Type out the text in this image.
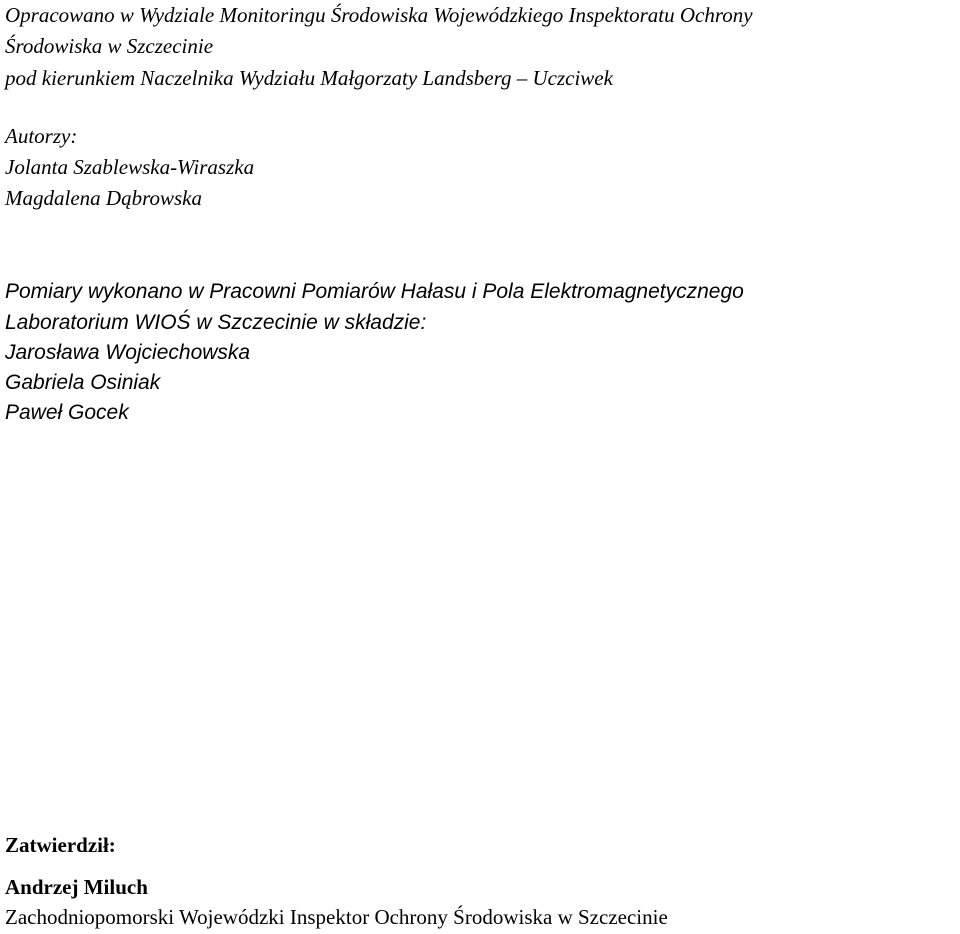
Opracowano w Wydziale Monitoringu Środowiska Wojewódzkiego Inspektoratu Ochrony
Środowiska w Szczecinie
pod kierunkiem Naczelnika Wydziału Małgorzaty Landsberg – Uczciwek
Autorzy:
Jolanta Szablewska-Wiraszka
Magdalena Dąbrowska
Pomiary wykonano w Pracowni Pomiarów Hałasu i Pola Elektromagnetycznego
Laboratorium WIOŚ w Szczecinie w składzie:
Jarosława Wojciechowska
Gabriela Osiniak
Paweł Gocek
Zatwierdził:
Andrzej Miluch
Zachodniopomorski Wojewódzki Inspektor Ochrony Środowiska w Szczecinie
